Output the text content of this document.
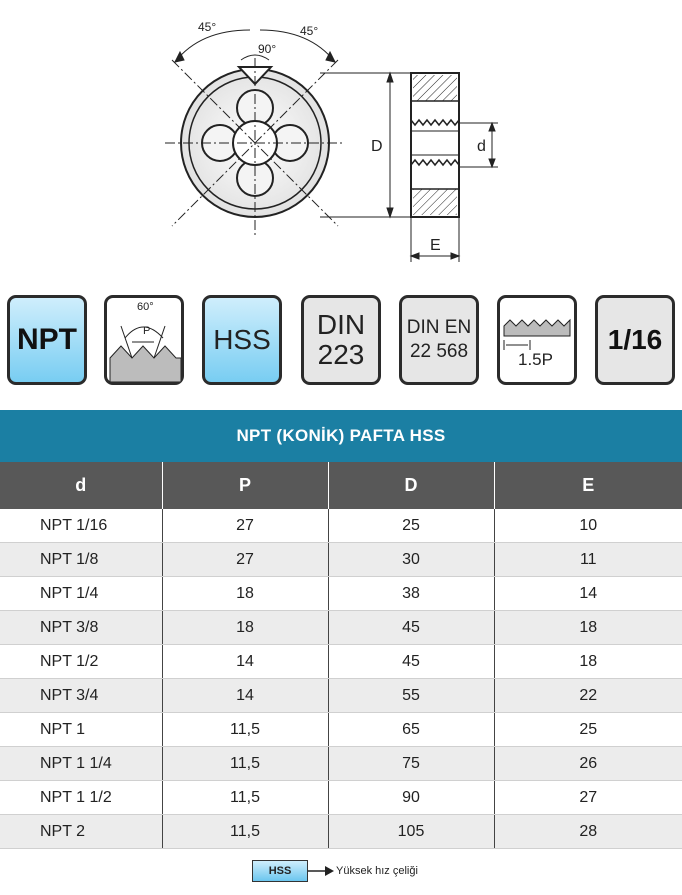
45°	45°
90°
D	d
E
NPT
60°
P HSS DIN
223
DIN EN
22 568	1.5P
1/16
NPT (KONİK) PAFTA HSS
d	P	D	E
NPT 1/16	27	25	10
NPT 1/8	27	30	11
NPT 1/4	18	38	14
NPT 3/8	18	45	18
NPT 1/2	14	45	18
NPT 3/4	14	55	22
NPT 1	11,5	65	25
NPT 1 1/4	11,5	75	26
NPT 1 1/2	11,5	90	27
NPT 2	11,5	105	28
HSS	Yüksek hız çeliği
